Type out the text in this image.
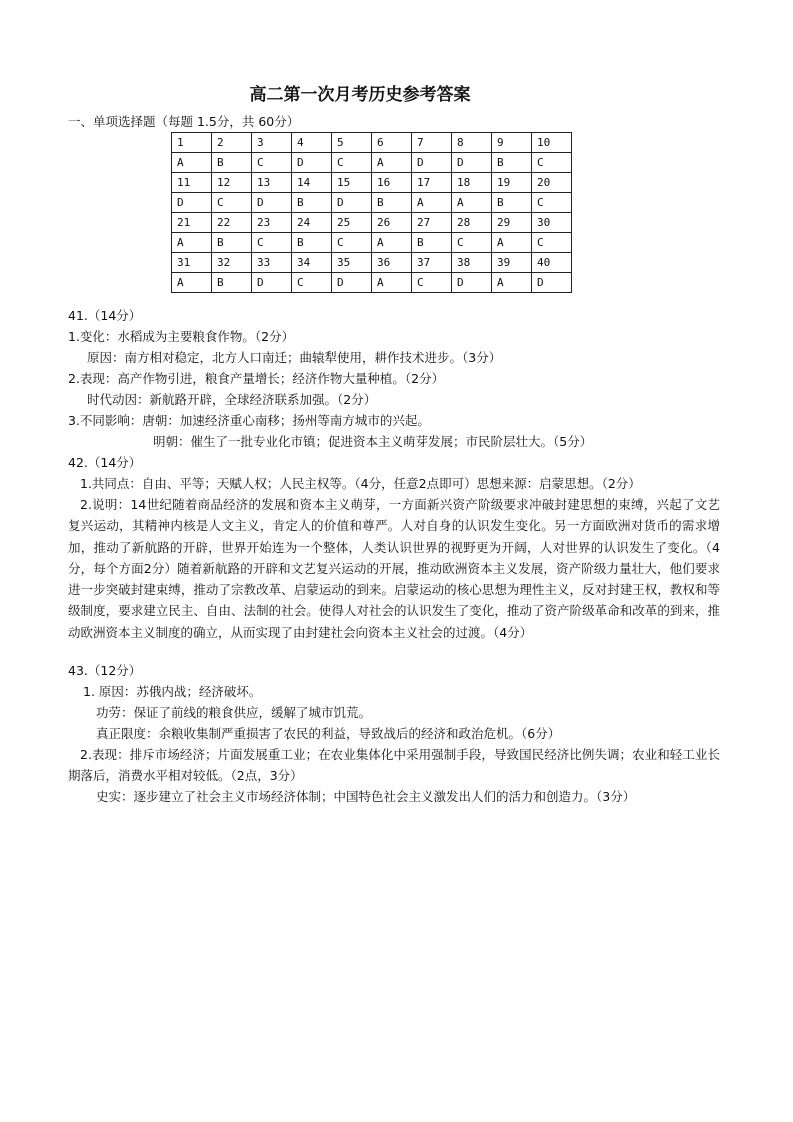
高二第一次月考历史参考答案
一、单项选择题（每题 1.5分，共 60分）
1	2	3	4	5	6	7	8	9	10
A	B	C	D	C	A	D	D	B	C
11	12	13	14	15	16	17	18	19	20
D	C	D	B	D	B	A	A	B	C
21	22	23	24	25	26	27	28	29	30
A	B	C	B	C	A	B	C	A	C
31	32	33	34	35	36	37	38	39	40
A	B	D	C	D	A	C	D	A	D
41.（14分）
1.变化：水稻成为主要粮食作物。（2分）
原因：南方相对稳定，北方人口南迁；曲辕犁使用，耕作技术进步。（3分）
2.表现：高产作物引进，粮食产量增长；经济作物大量种植。（2分）
时代动因：新航路开辟，全球经济联系加强。（2分）
3.不同影响：唐朝：加速经济重心南移；扬州等南方城市的兴起。
明朝：催生了一批专业化市镇；促进资本主义萌芽发展；市民阶层壮大。（5分）
42.（14分）
1.共同点：自由、平等；天赋人权；人民主权等。（4分，任意2点即可）思想来源：启蒙思想。（2分）
2.说明：14世纪随着商品经济的发展和资本主义萌芽，一方面新兴资产阶级要求冲破封建思想的束缚，兴起了文艺复兴运动，其精神内核是人文主义，肯定人的价值和尊严。人对自身的认识发生变化。另一方面欧洲对货币的需求增加，推动了新航路的开辟，世界开始连为一个整体，人类认识世界的视野更为开阔，人对世界的认识发生了变化。（4分，每个方面2分）随着新航路的开辟和文艺复兴运动的开展，推动欧洲资本主义发展，资产阶级力量壮大，他们要求进一步突破封建束缚，推动了宗教改革、启蒙运动的到来。启蒙运动的核心思想为理性主义，反对封建王权，教权和等级制度，要求建立民主、自由、法制的社会。使得人对社会的认识发生了变化，推动了资产阶级革命和改革的到来，推动欧洲资本主义制度的确立，从而实现了由封建社会向资本主义社会的过渡。（4分）
43.（12分）
1. 原因：苏俄内战；经济破坏。
功劳：保证了前线的粮食供应，缓解了城市饥荒。
真正限度：余粮收集制严重损害了农民的利益，导致战后的经济和政治危机。（6分）
2.表现：排斥市场经济；片面发展重工业；在农业集体化中采用强制手段，导致国民经济比例失调；农业和轻工业长期落后，消费水平相对较低。（2点，3分）
史实：逐步建立了社会主义市场经济体制；中国特色社会主义激发出人们的活力和创造力。（3分）
